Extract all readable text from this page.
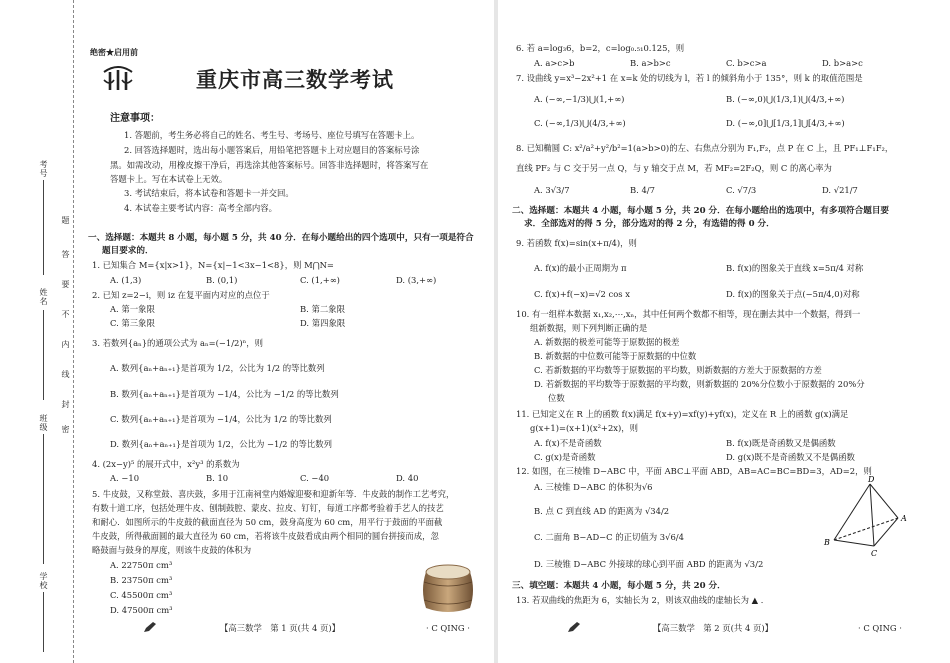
考号
姓名
班级
学校
题
答
要
不
内
线
封
密
绝密★启用前
重庆市高三数学考试
注意事项：
1. 答题前，考生务必将自己的姓名、考生号、考场号、座位号填写在答题卡上。
2. 回答选择题时，选出每小题答案后，用铅笔把答题卡上对应题目的答案标号涂
黑。如需改动，用橡皮擦干净后，再选涂其他答案标号。回答非选择题时，将答案写在
答题卡上。写在本试卷上无效。
3. 考试结束后，将本试卷和答题卡一并交回。
4. 本试卷主要考试内容：高考全部内容。
一、选择题：本题共 8 小题，每小题 5 分，共 40 分．在每小题给出的四个选项中，只有一项是符合
题目要求的．
1. 已知集合 M={x|x>1}，N={x|−1<3x−1<8}，则 M⋂N=
A. (1,3)	B. (0,1)	C. (1,+∞)	D. (3,+∞)
2. 已知 z=2−i，则 iz 在复平面内对应的点位于
A. 第一象限	B. 第二象限
C. 第三象限	D. 第四象限
3. 若数列{aₙ}的通项公式为 aₙ=(−1/2)ⁿ，则
A. 数列{aₙ+aₙ₊₁}是首项为 1/2，公比为 1/2 的等比数列
B. 数列{aₙ+aₙ₊₁}是首项为 −1/4，公比为 −1/2 的等比数列
C. 数列{aₙ+aₙ₊₁}是首项为 −1/4，公比为 1/2 的等比数列
D. 数列{aₙ+aₙ₊₁}是首项为 1/2，公比为 −1/2 的等比数列
4. (2x−y)⁵ 的展开式中，x²y³ 的系数为
A. −10	B. 10	C. −40	D. 40
5. 牛皮鼓，又称堂鼓、喜庆鼓，多用于江南祠堂内婚嫁迎娶和迎新年等．牛皮鼓的制作工艺考究，
有数十道工序，包括处理牛皮、刨制鼓腔、蒙皮、拉皮、钉钉，每道工序都考验着手艺人的技艺
和耐心．如图所示的牛皮鼓的截面直径为 50 cm，鼓身高度为 60 cm，用平行于鼓面的平面截
牛皮鼓，所得截面圆的最大直径为 60 cm，若将该牛皮鼓看成由两个相同的圆台拼接而成，忽
略鼓面与鼓身的厚度，则该牛皮鼓的体积为
A. 22750π cm³
B. 23750π cm³
C. 45500π cm³
D. 47500π cm³
【高三数学　第 1 页(共 4 页)】	· C QING ·
6. 若 a=log₃6，b=2，c=log₀.₅₁0.125，则
A. a>c>b	B. a>b>c	C. b>c>a	D. b>a>c
7. 设曲线 y=x³−2x²+1 在 x=k 处的切线为 l，若 l 的倾斜角小于 135°，则 k 的取值范围是
A. (−∞,−1/3)⋃(1,+∞)	B. (−∞,0)⋃(1/3,1)⋃(4/3,+∞)
C. (−∞,1/3)⋃(4/3,+∞)	D. (−∞,0]⋃[1/3,1]⋃[4/3,+∞)
8. 已知椭圆 C: x²/a²+y²/b²=1(a>b>0)的左、右焦点分别为 F₁,F₂，点 P 在 C 上，且 PF₁⊥F₁F₂，
直线 PF₂ 与 C 交于另一点 Q，与 y 轴交于点 M，若 MF₂=2F₂Q，则 C 的离心率为
A. 3√3/7	B. 4/7	C. √7/3	D. √21/7
二、选择题：本题共 4 小题，每小题 5 分，共 20 分．在每小题给出的选项中，有多项符合题目要
求．全部选对的得 5 分，部分选对的得 2 分，有选错的得 0 分．
9. 若函数 f(x)=sin(x+π/4)，则
A. f(x)的最小正周期为 π	B. f(x)的图象关于直线 x=5π/4 对称
C. f(x)+f(−x)=√2 cos x	D. f(x)的图象关于点(−5π/4,0)对称
10. 有一组样本数据 x₁,x₂,⋯,xₙ，其中任何两个数都不相等，现在删去其中一个数据，得到一
组新数据，则下列判断正确的是
A. 新数据的极差可能等于原数据的极差
B. 新数据的中位数可能等于原数据的中位数
C. 若新数据的平均数等于原数据的平均数，则新数据的方差大于原数据的方差
D. 若新数据的平均数等于原数据的平均数，则新数据的 20%分位数小于原数据的 20%分
位数
11. 已知定义在 R 上的函数 f(x)满足 f(x+y)=xf(y)+yf(x)，定义在 R 上的函数 g(x)满足
g(x+1)=(x+1)(x²+2x)，则
A. f(x)不是奇函数	B. f(x)既是奇函数又是偶函数
C. g(x)是奇函数	D. g(x)既不是奇函数又不是偶函数
12. 如图，在三棱锥 D−ABC 中，平面 ABC⊥平面 ABD，AB=AC=BC=BD=3，AD=2，则
A. 三棱锥 D−ABC 的体积为√6
B. 点 C 到直线 AD 的距离为 √34/2
C. 二面角 B−AD−C 的正切值为 3√6/4
D. 三棱锥 D−ABC 外接球的球心到平面 ABD 的距离为 √3/2
D
A
B
C
三、填空题：本题共 4 小题，每小题 5 分，共 20 分．
13. 若双曲线的焦距为 6，实轴长为 2，则该双曲线的虚轴长为 ▲ ．
【高三数学　第 2 页(共 4 页)】	· C QING ·
